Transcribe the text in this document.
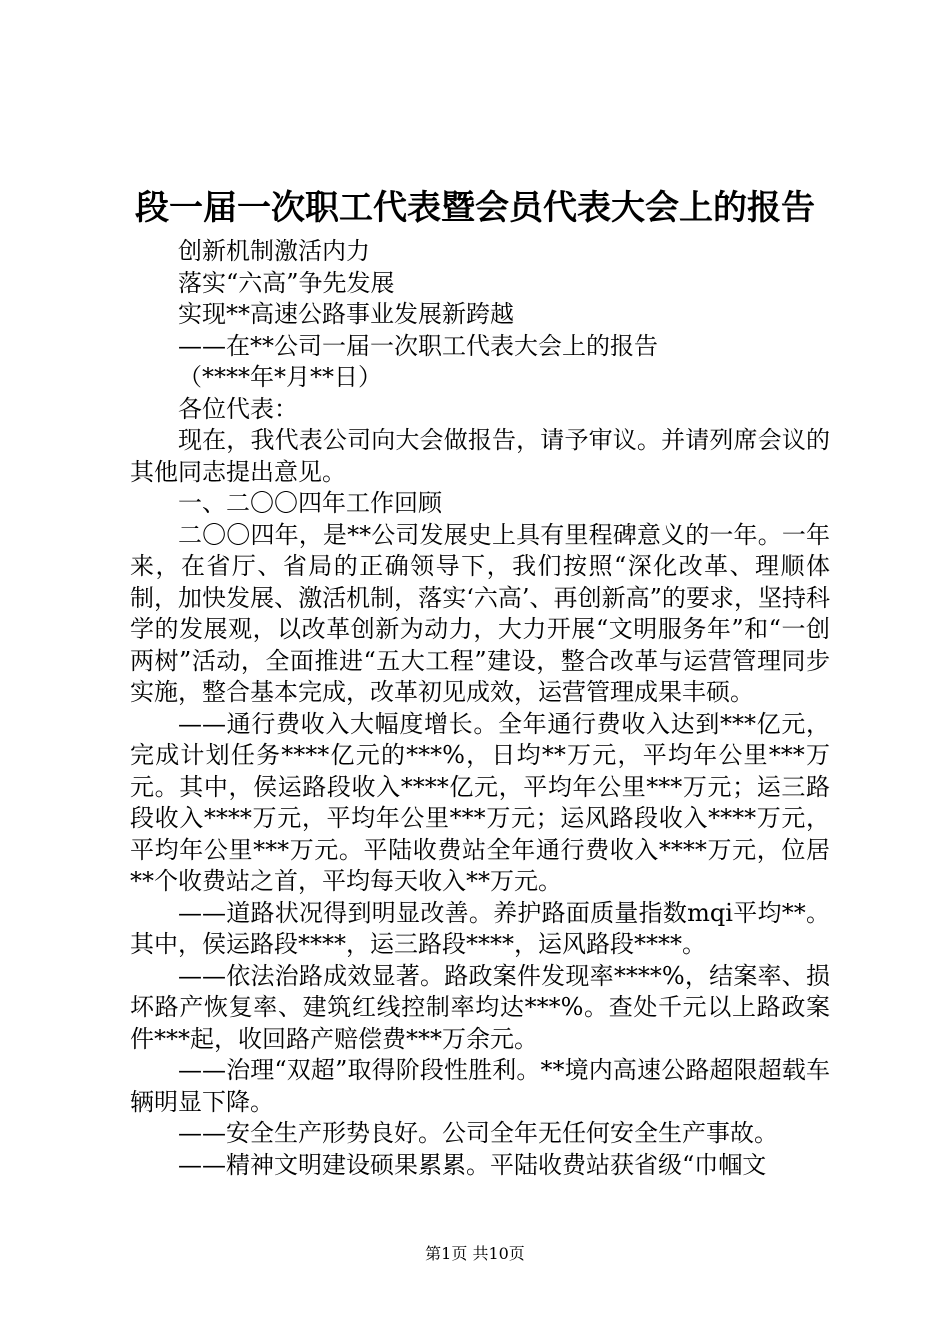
段一届一次职工代表暨会员代表大会上的报告

创新机制激活内力

落实“六高”争先发展

实现**高速公路事业发展新跨越

——在**公司一届一次职工代表大会上的报告

（****年*月**日）

各位代表：

现在，我代表公司向大会做报告，请予审议。并请列席会议的其他同志提出意见。

一、二〇〇四年工作回顾

二〇〇四年，是**公司发展史上具有里程碑意义的一年。一年来，在省厅、省局的正确领导下，我们按照“深化改革、理顺体制，加快发展、激活机制，落实‘六高’、再创新高”的要求，坚持科学的发展观，以改革创新为动力，大力开展“文明服务年”和“一创两树”活动，全面推进“五大工程”建设，整合改革与运营管理同步实施，整合基本完成，改革初见成效，运营管理成果丰硕。

——通行费收入大幅度增长。全年通行费收入达到***亿元，完成计划任务****亿元的***%，日均**万元，平均年公里***万元。其中，侯运路段收入****亿元，平均年公里***万元；运三路段收入****万元，平均年公里***万元；运风路段收入****万元，平均年公里***万元。平陆收费站全年通行费收入****万元，位居**个收费站之首，平均每天收入**万元。

——道路状况得到明显改善。养护路面质量指数mqi平均**。其中，侯运路段****，运三路段****，运风路段****。

——依法治路成效显著。路政案件发现率****%，结案率、损坏路产恢复率、建筑红线控制率均达***%。查处千元以上路政案件***起，收回路产赔偿费***万余元。

——治理“双超”取得阶段性胜利。**境内高速公路超限超载车辆明显下降。

——安全生产形势良好。公司全年无任何安全生产事故。

——精神文明建设硕果累累。平陆收费站获省级“巾帼文

第1页 共10页
